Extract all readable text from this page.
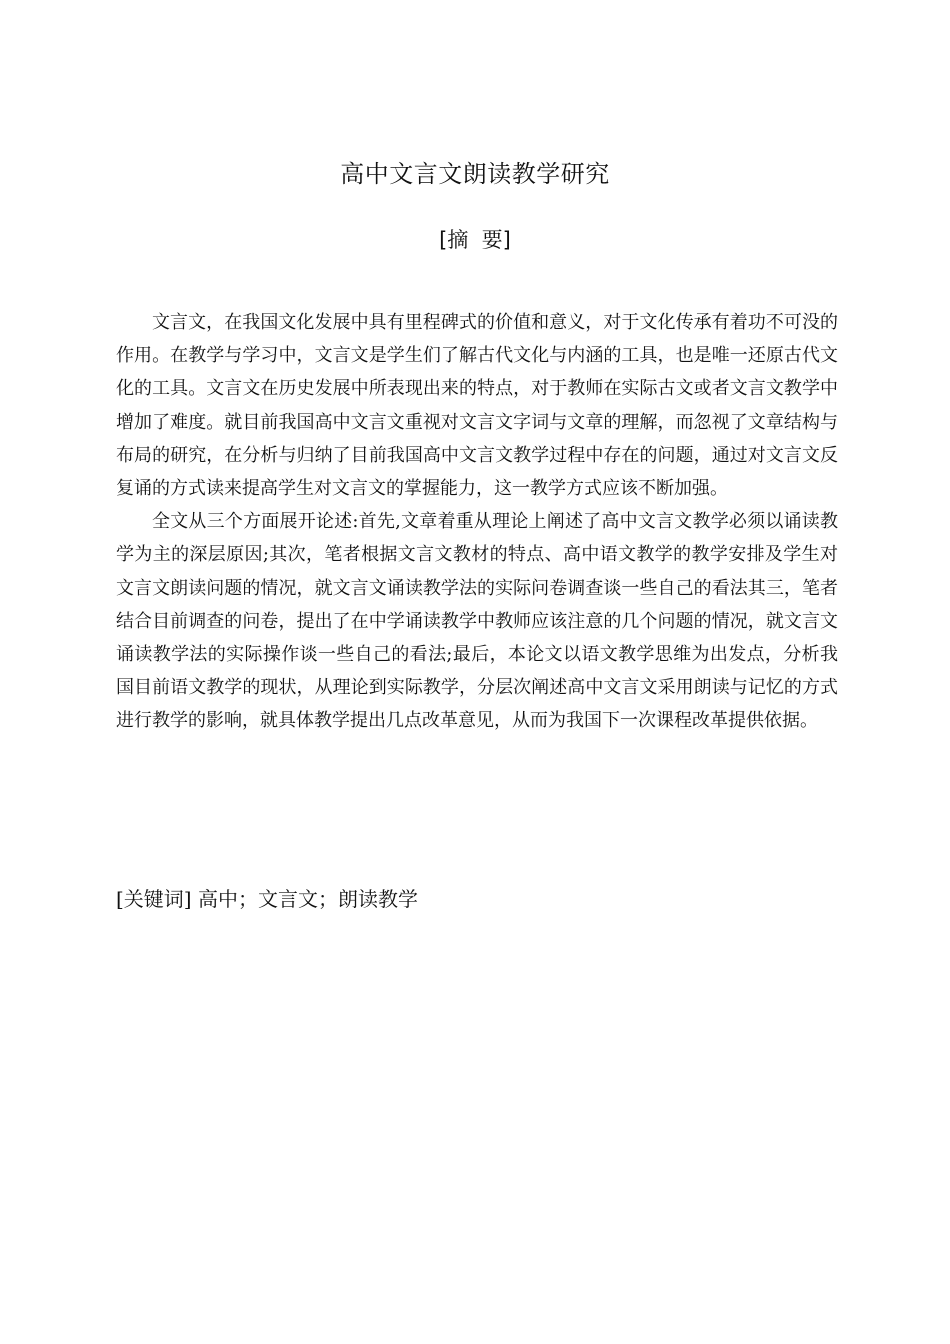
高中文言文朗读教学研究
[摘  要]

文言文，在我国文化发展中具有里程碑式的价值和意义，对于文化传承有着功不可没的作用。在教学与学习中，文言文是学生们了解古代文化与内涵的工具，也是唯一还原古代文化的工具。文言文在历史发展中所表现出来的特点，对于教师在实际古文或者文言文教学中增加了难度。就目前我国高中文言文重视对文言文字词与文章的理解，而忽视了文章结构与布局的研究，在分析与归纳了目前我国高中文言文教学过程中存在的问题，通过对文言文反复诵的方式读来提高学生对文言文的掌握能力，这一教学方式应该不断加强。

全文从三个方面展开论述:首先,文章着重从理论上阐述了高中文言文教学必须以诵读教学为主的深层原因;其次，笔者根据文言文教材的特点、高中语文教学的教学安排及学生对文言文朗读问题的情况，就文言文诵读教学法的实际问卷调查谈一些自己的看法其三，笔者结合目前调查的问卷，提出了在中学诵读教学中教师应该注意的几个问题的情况，就文言文诵读教学法的实际操作谈一些自己的看法;最后，本论文以语文教学思维为出发点，分析我国目前语文教学的现状，从理论到实际教学，分层次阐述高中文言文采用朗读与记忆的方式进行教学的影响，就具体教学提出几点改革意见，从而为我国下一次课程改革提供依据。

[关键词] 高中；文言文；朗读教学
